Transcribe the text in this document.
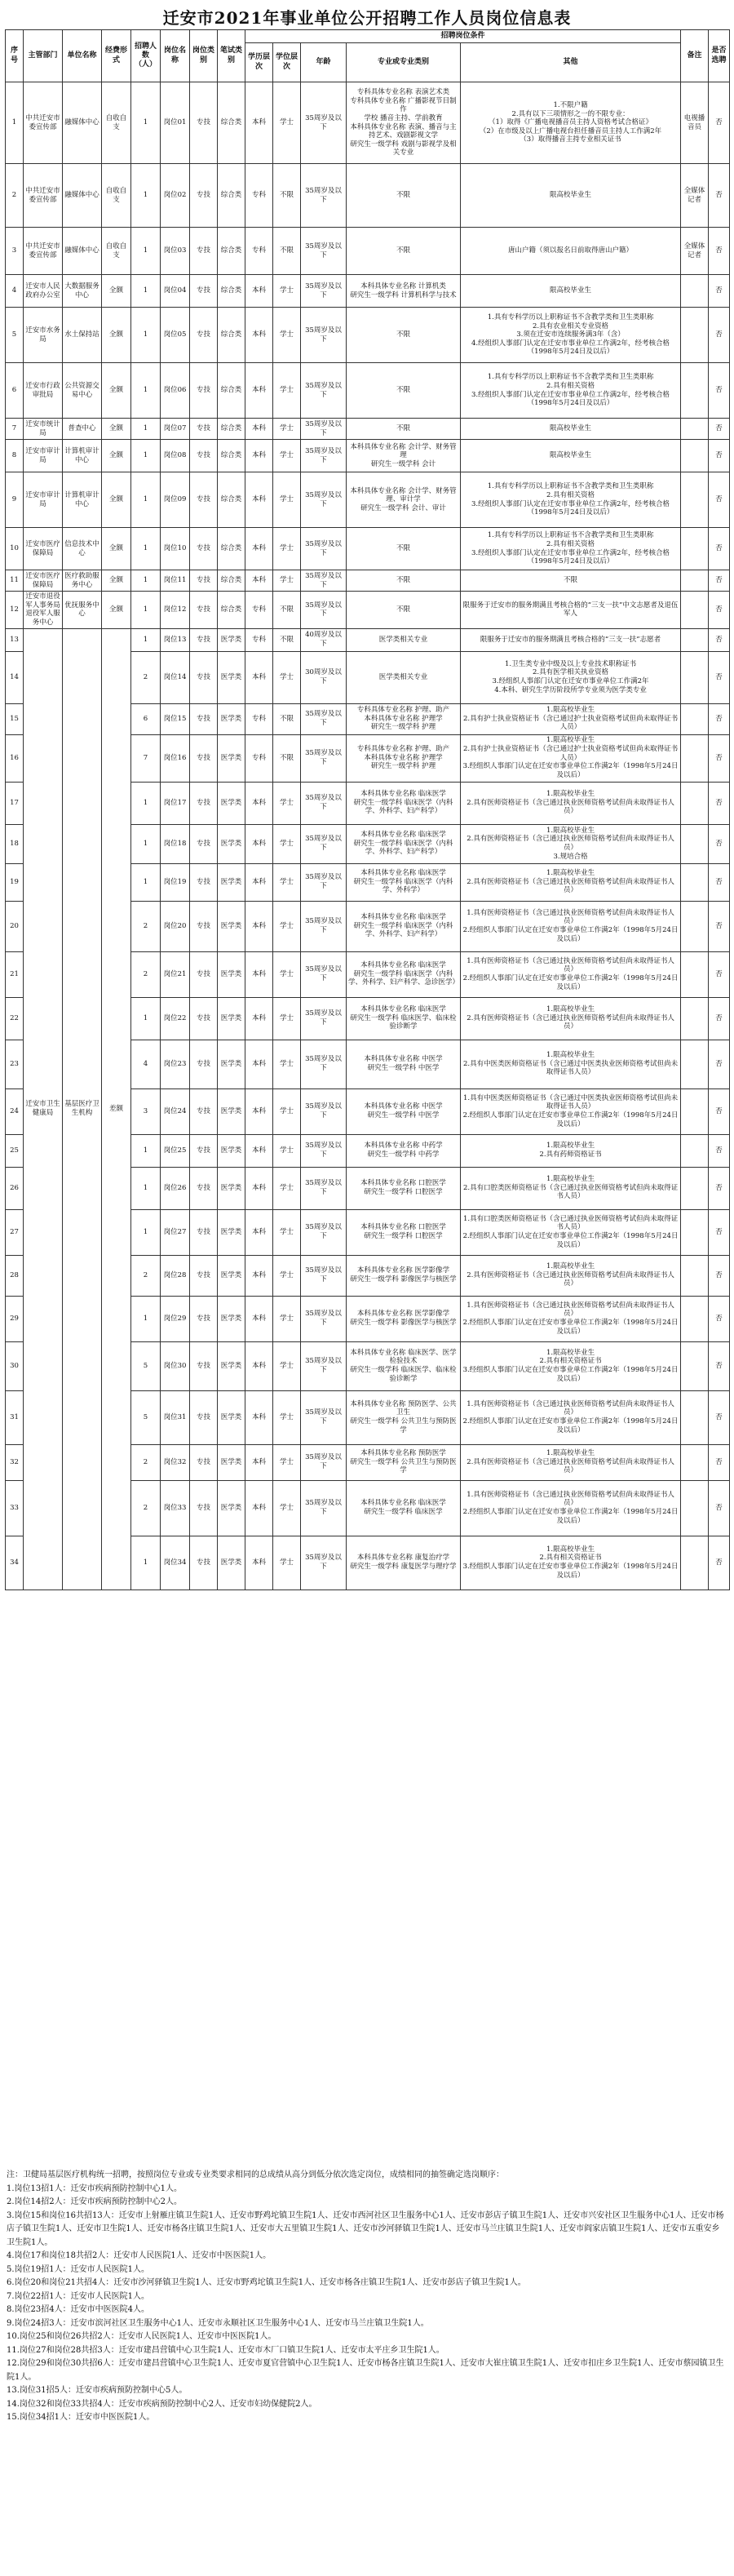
迁安市2021年事业单位公开招聘工作人员岗位信息表
序号	主管部门	单位名称	经费形式	招聘人数（人）	岗位名称	岗位类别	笔试类别	招聘岗位条件					备注	是否选聘
								学历层次	学位层次	年龄	专业或专业类别	其他		
1	中共迁安市委宣传部	融媒体中心	自收自支	1	岗位01	专技	综合类	本科	学士	35周岁及以下	专科具体专业名称 表演艺术类
专科具体专业名称 广播影视节目制作
学校 播音主持、学前教育
本科具体专业名称 表演、播音与主持艺术、戏剧影视文学
研究生一级学科 戏剧与影视学及相关专业	1.不限户籍
2.具有以下三项情形之一的不限专业：
（1）取得《广播电视播音员主持人资格考试合格证》
（2）在市级及以上广播电视台担任播音员主持人工作满2年
（3）取得播音主持专业相关证书	电视播音员	否
2	中共迁安市委宣传部	融媒体中心	自收自支	1	岗位02	专技	综合类	专科	不限	35周岁及以下	不限	限高校毕业生	全媒体记者	否
3	中共迁安市委宣传部	融媒体中心	自收自支	1	岗位03	专技	综合类	专科	不限	35周岁及以下	不限	唐山户籍（须以报名日前取得唐山户籍）	全媒体记者	否
4	迁安市人民政府办公室	大数据服务中心	全额	1	岗位04	专技	综合类	本科	学士	35周岁及以下	本科具体专业名称 计算机类
研究生一级学科 计算机科学与技术	限高校毕业生		否
5	迁安市水务局	水土保持站	全额	1	岗位05	专技	综合类	本科	学士	35周岁及以下	不限	1.具有专科学历以上职称证书不含教学类和卫生类职称
2.具有农业相关专业资格
3.须在迁安市连续服务满3年（含）
4.经组织人事部门认定在迁安市事业单位工作满2年，经考核合格（1998年5月24日及以后）		否
6	迁安市行政审批局	公共资源交易中心	全额	1	岗位06	专技	综合类	本科	学士	35周岁及以下	不限	1.具有专科学历以上职称证书不含教学类和卫生类职称
2.具有相关资格
3.经组织人事部门认定在迁安市事业单位工作满2年，经考核合格（1998年5月24日及以后）		否
7	迁安市统计局	普查中心	全额	1	岗位07	专技	综合类	本科	学士	35周岁及以下	不限	限高校毕业生		否
8	迁安市审计局	计算机审计中心	全额	1	岗位08	专技	综合类	本科	学士	35周岁及以下	本科具体专业名称 会计学、财务管理
研究生一级学科 会计	限高校毕业生		否
9	迁安市审计局	计算机审计中心	全额	1	岗位09	专技	综合类	本科	学士	35周岁及以下	本科具体专业名称 会计学、财务管理、审计学
研究生一级学科 会计、审计	1.具有专科学历以上职称证书不含教学类和卫生类职称
2.具有相关资格
3.经组织人事部门认定在迁安市事业单位工作满2年，经考核合格（1998年5月24日及以后）		否
10	迁安市医疗保障局	信息技术中心	全额	1	岗位10	专技	综合类	本科	学士	35周岁及以下	不限	1.具有专科学历以上职称证书不含教学类和卫生类职称
2.具有相关资格
3.经组织人事部门认定在迁安市事业单位工作满2年，经考核合格（1998年5月24日及以后）		否
11	迁安市医疗保障局	医疗救助服务中心	全额	1	岗位11	专技	综合类	本科	学士	35周岁及以下	不限	不限		否
12	迁安市退役军人事务局退役军人服务中心	优抚服务中心	全额	1	岗位12	专技	综合类	专科	不限	35周岁及以下	不限	限服务于迁安市的服务期满且考核合格的“三支一扶”中文志愿者及退伍军人		否
13	迁安市卫生健康局	基层医疗卫生机构	差额	1	岗位13	专技	医学类	专科	不限	40周岁及以下	医学类相关专业	限服务于迁安市的服务期满且考核合格的“三支一扶”志愿者		否
14				2	岗位14	专技	医学类	本科	学士	30周岁及以下	医学类相关专业	1.卫生类专业中级及以上专业技术职称证书
2.具有医学相关执业资格
3.经组织人事部门认定在迁安市事业单位工作满2年
4.本科、研究生学历阶段所学专业须为医学类专业		否
15				6	岗位15	专技	医学类	专科	不限	35周岁及以下	专科具体专业名称 护理、助产
本科具体专业名称 护理学
研究生一级学科 护理	1.限高校毕业生
2.具有护士执业资格证书（含已通过护士执业资格考试但尚未取得证书人员）		否
16				7	岗位16	专技	医学类	专科	不限	35周岁及以下	专科具体专业名称 护理、助产
本科具体专业名称 护理学
研究生一级学科 护理	1.限高校毕业生
2.具有护士执业资格证书（含已通过护士执业资格考试但尚未取得证书人员）
3.经组织人事部门认定在迁安市事业单位工作满2年（1998年5月24日及以后）		否
17				1	岗位17	专技	医学类	本科	学士	35周岁及以下	本科具体专业名称 临床医学
研究生一级学科 临床医学（内科学、外科学、妇产科学）	1.限高校毕业生
2.具有医师资格证书（含已通过执业医师资格考试但尚未取得证书人员）		否
18				1	岗位18	专技	医学类	本科	学士	35周岁及以下	本科具体专业名称 临床医学
研究生一级学科 临床医学（内科学、外科学、妇产科学）	1.限高校毕业生
2.具有医师资格证书（含已通过执业医师资格考试但尚未取得证书人员）
3.规培合格		否
19				1	岗位19	专技	医学类	本科	学士	35周岁及以下	本科具体专业名称 临床医学
研究生一级学科 临床医学（内科学、外科学）	1.限高校毕业生
2.具有医师资格证书（含已通过执业医师资格考试但尚未取得证书人员）		否
20				2	岗位20	专技	医学类	本科	学士	35周岁及以下	本科具体专业名称 临床医学
研究生一级学科 临床医学（内科学、外科学、妇产科学）	1.具有医师资格证书（含已通过执业医师资格考试但尚未取得证书人员）
2.经组织人事部门认定在迁安市事业单位工作满2年（1998年5月24日及以后）		否
21				2	岗位21	专技	医学类	本科	学士	35周岁及以下	本科具体专业名称 临床医学
研究生一级学科 临床医学（内科学、外科学、妇产科学、急诊医学）	1.具有医师资格证书（含已通过执业医师资格考试但尚未取得证书人员）
2.经组织人事部门认定在迁安市事业单位工作满2年（1998年5月24日及以后）		否
22				1	岗位22	专技	医学类	本科	学士	35周岁及以下	本科具体专业名称 临床医学
研究生一级学科 临床医学、临床检验诊断学	1.限高校毕业生
2.具有医师资格证书（含已通过执业医师资格考试但尚未取得证书人员）		否
23				4	岗位23	专技	医学类	本科	学士	35周岁及以下	本科具体专业名称 中医学
研究生一级学科 中医学	1.限高校毕业生
2.具有中医类医师资格证书（含已通过中医类执业医师资格考试但尚未取得证书人员）		否
24				3	岗位24	专技	医学类	本科	学士	35周岁及以下	本科具体专业名称 中医学
研究生一级学科 中医学	1.具有中医类医师资格证书（含已通过中医类执业医师资格考试但尚未取得证书人员）
2.经组织人事部门认定在迁安市事业单位工作满2年（1998年5月24日及以后）		否
25				1	岗位25	专技	医学类	本科	学士	35周岁及以下	本科具体专业名称 中药学
研究生一级学科 中药学	1.限高校毕业生
2.具有药师资格证书		否
26				1	岗位26	专技	医学类	本科	学士	35周岁及以下	本科具体专业名称 口腔医学
研究生一级学科 口腔医学	1.限高校毕业生
2.具有口腔类医师资格证书（含已通过执业医师资格考试但尚未取得证书人员）		否
27				1	岗位27	专技	医学类	本科	学士	35周岁及以下	本科具体专业名称 口腔医学
研究生一级学科 口腔医学	1.具有口腔类医师资格证书（含已通过执业医师资格考试但尚未取得证书人员）
2.经组织人事部门认定在迁安市事业单位工作满2年（1998年5月24日及以后）		否
28				2	岗位28	专技	医学类	本科	学士	35周岁及以下	本科具体专业名称 医学影像学
研究生一级学科 影像医学与核医学	1.限高校毕业生
2.具有医师资格证书（含已通过执业医师资格考试但尚未取得证书人员）		否
29				1	岗位29	专技	医学类	本科	学士	35周岁及以下	本科具体专业名称 医学影像学
研究生一级学科 影像医学与核医学	1.具有医师资格证书（含已通过执业医师资格考试但尚未取得证书人员）
2.经组织人事部门认定在迁安市事业单位工作满2年（1998年5月24日及以后）		否
30				5	岗位30	专技	医学类	本科	学士	35周岁及以下	本科具体专业名称 临床医学、医学检验技术
研究生一级学科 临床医学、临床检验诊断学	1.限高校毕业生
2.具有相关资格证书
3.经组织人事部门认定在迁安市事业单位工作满2年（1998年5月24日及以后）		否
31				5	岗位31	专技	医学类	本科	学士	35周岁及以下	本科具体专业名称 预防医学、公共卫生
研究生一级学科 公共卫生与预防医学	1.具有医师资格证书（含已通过执业医师资格考试但尚未取得证书人员）
2.经组织人事部门认定在迁安市事业单位工作满2年（1998年5月24日及以后）		否
32				2	岗位32	专技	医学类	本科	学士	35周岁及以下	本科具体专业名称 预防医学
研究生一级学科 公共卫生与预防医学	1.限高校毕业生
2.具有医师资格证书（含已通过执业医师资格考试但尚未取得证书人员）		否
33				2	岗位33	专技	医学类	本科	学士	35周岁及以下	本科具体专业名称 临床医学
研究生一级学科 临床医学	1.具有医师资格证书（含已通过执业医师资格考试但尚未取得证书人员）
2.经组织人事部门认定在迁安市事业单位工作满2年（1998年5月24日及以后）		否
34				1	岗位34	专技	医学类	本科	学士	35周岁及以下	本科具体专业名称 康复治疗学
研究生一级学科 康复医学与理疗学	1.限高校毕业生
2.具有相关资格证书
3.经组织人事部门认定在迁安市事业单位工作满2年（1998年5月24日及以后）		否
注：卫健局基层医疗机构统一招聘，按照岗位专业或专业类要求相同的总成绩从高分到低分依次选定岗位，成绩相同的抽签确定选岗顺序：
1.岗位13招1人：迁安市疾病预防控制中心1人。
2.岗位14招2人：迁安市疾病预防控制中心2人。
3.岗位15和岗位16共招13人：迁安市上射雁庄镇卫生院1人、迁安市野鸡坨镇卫生院1人、迁安市西河社区卫生服务中心1人、迁安市彭店子镇卫生院1人、迁安市兴安社区卫生服务中心1人、迁安市杨店子镇卫生院1人、迁安市卫生院1人、迁安市杨各庄镇卫生院1人、迁安市大五里镇卫生院1人、迁安市沙河驿镇卫生院1人、迁安市马兰庄镇卫生院1人、迁安市阎家店镇卫生院1人、迁安市五重安乡卫生院1人。
4.岗位17和岗位18共招2人：迁安市人民医院1人、迁安市中医医院1人。
5.岗位19招1人：迁安市人民医院1人。
6.岗位20和岗位21共招4人：迁安市沙河驿镇卫生院1人、迁安市野鸡坨镇卫生院1人、迁安市杨各庄镇卫生院1人、迁安市彭店子镇卫生院1人。
7.岗位22招1人：迁安市人民医院1人。
8.岗位23招4人：迁安市中医医院4人。
9.岗位24招3人：迁安市滨河社区卫生服务中心1人、迁安市永顺社区卫生服务中心1人、迁安市马兰庄镇卫生院1人。
10.岗位25和岗位26共招2人：迁安市人民医院1人、迁安市中医医院1人。
11.岗位27和岗位28共招3人：迁安市建昌营镇中心卫生院1人、迁安市木厂口镇卫生院1人、迁安市太平庄乡卫生院1人。
12.岗位29和岗位30共招6人：迁安市建昌营镇中心卫生院1人、迁安市夏官营镇中心卫生院1人、迁安市杨各庄镇卫生院1人、迁安市大崔庄镇卫生院1人、迁安市扣庄乡卫生院1人、迁安市蔡园镇卫生院1人。
13.岗位31招5人：迁安市疾病预防控制中心5人。
14.岗位32和岗位33共招4人：迁安市疾病预防控制中心2人、迁安市妇幼保健院2人。
15.岗位34招1人：迁安市中医医院1人。
